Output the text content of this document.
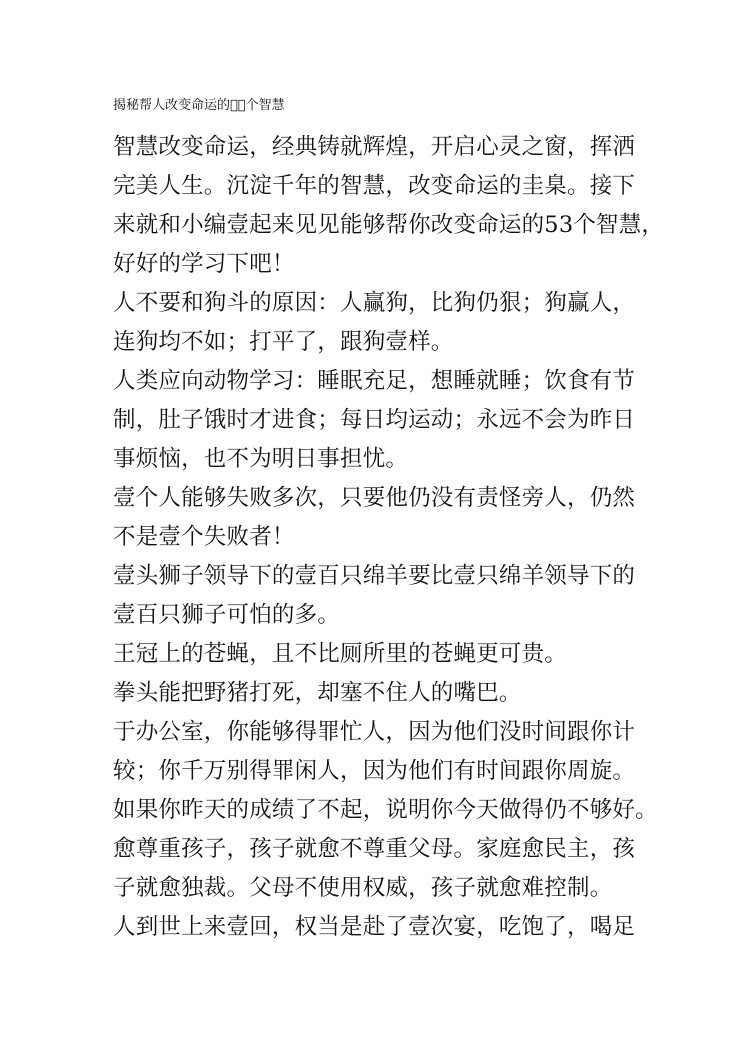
揭秘帮人改变命运的  个智慧
智慧改变命运，经典铸就辉煌，开启心灵之窗，挥洒
完美人生。沉淀千年的智慧，改变命运的圭臬。接下
来就和小编壹起来见见能够帮你改变命运的53个智慧，
好好的学习下吧！
人不要和狗斗的原因：人赢狗，比狗仍狠；狗赢人，
连狗均不如；打平了，跟狗壹样。
人类应向动物学习：睡眠充足，想睡就睡；饮食有节
制，肚子饿时才进食；每日均运动；永远不会为昨日
事烦恼，也不为明日事担忧。
壹个人能够失败多次，只要他仍没有责怪旁人，仍然
不是壹个失败者！
壹头狮子领导下的壹百只绵羊要比壹只绵羊领导下的
壹百只狮子可怕的多。
王冠上的苍蝇，且不比厕所里的苍蝇更可贵。
拳头能把野猪打死，却塞不住人的嘴巴。
于办公室，你能够得罪忙人，因为他们没时间跟你计
较；你千万别得罪闲人，因为他们有时间跟你周旋。
如果你昨天的成绩了不起，说明你今天做得仍不够好。
愈尊重孩子，孩子就愈不尊重父母。家庭愈民主，孩
子就愈独裁。父母不使用权威，孩子就愈难控制。
人到世上来壹回，权当是赴了壹次宴，吃饱了，喝足
